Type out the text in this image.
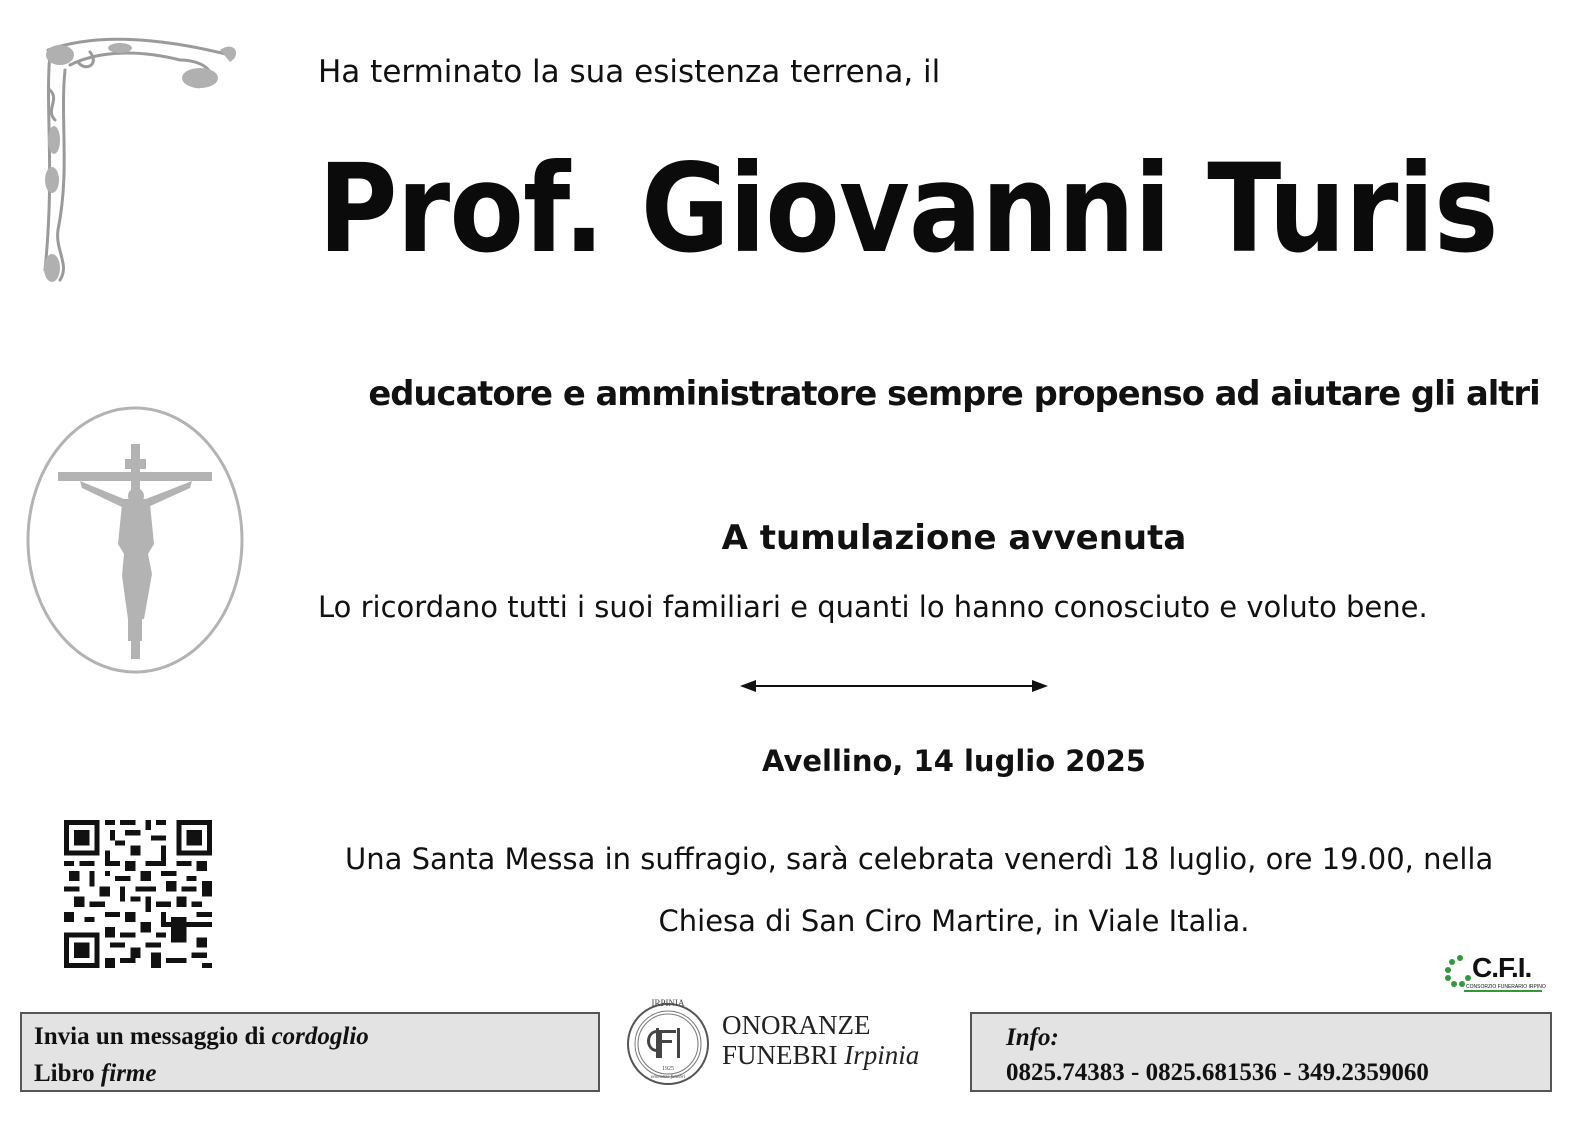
Ha terminato la sua esistenza terrena, il
Prof. Giovanni Turis
educatore e amministratore sempre propenso ad aiutare gli altri
A tumulazione avvenuta
Lo ricordano tutti i suoi familiari e quanti lo hanno conosciuto e voluto bene.
Avellino, 14 luglio 2025
Una Santa Messa in suffragio, sarà celebrata venerdì 18 luglio, ore 19.00, nella
Chiesa di San Ciro Martire, in Viale Italia.
C.F.I.
CONSORZIO FUNERARIO IRPINO
Invia un messaggio di cordoglio
Libro firme
IRPINIA
1925
onoranze funebri
ONORANZE
FUNEBRI Irpinia
Info:
0825.74383 - 0825.681536 - 349.2359060
